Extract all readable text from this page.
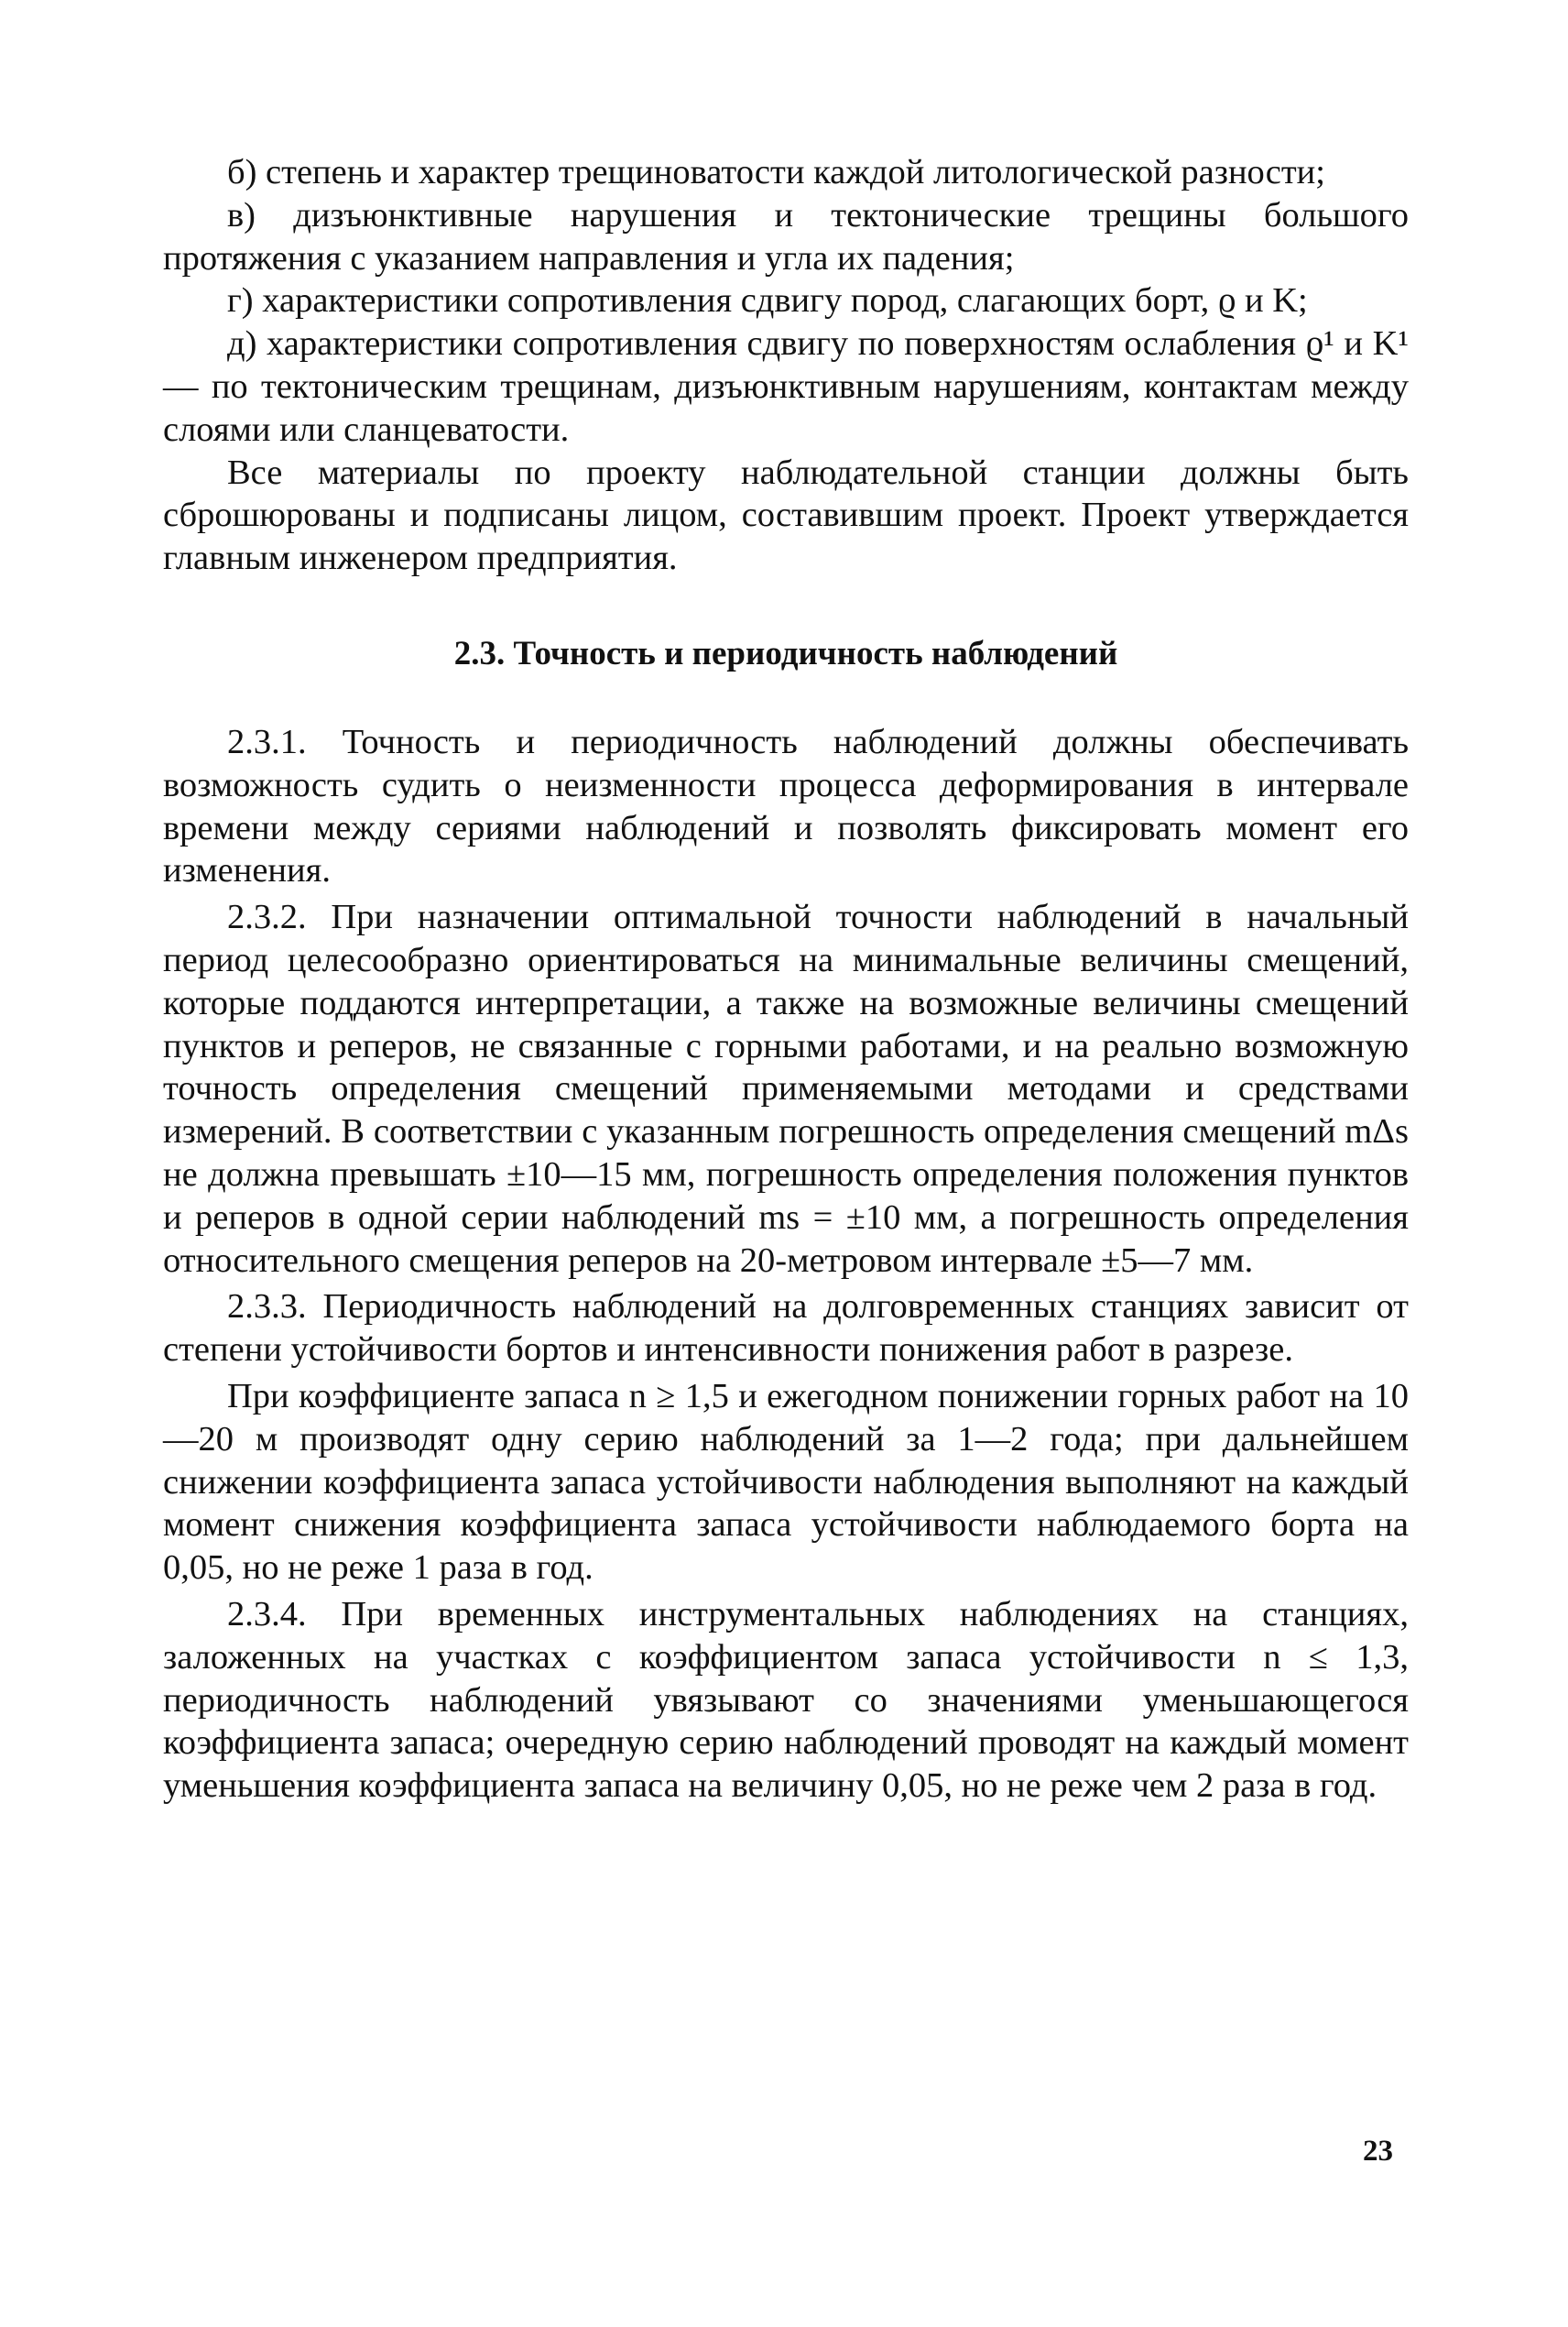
б) степень и характер трещиноватости каждой литологической разности;

в) дизъюнктивные нарушения и тектонические трещины большого протяжения с указанием направления и угла их падения;

г) характеристики сопротивления сдвигу пород, слагающих борт, ϱ и K;

д) характеристики сопротивления сдвигу по поверхностям ослабления ϱ¹ и K¹ — по тектоническим трещинам, дизъюнктивным нарушениям, контактам между слоями или сланцеватости.

Все материалы по проекту наблюдательной станции должны быть сброшюрованы и подписаны лицом, составившим проект. Проект утверждается главным инженером предприятия.

2.3. Точность и периодичность наблюдений

2.3.1. Точность и периодичность наблюдений должны обеспечивать возможность судить о неизменности процесса деформирования в интервале времени между сериями наблюдений и позволять фиксировать момент его изменения.

2.3.2. При назначении оптимальной точности наблюдений в начальный период целесообразно ориентироваться на минимальные величины смещений, которые поддаются интерпретации, а также на возможные величины смещений пунктов и реперов, не связанные с горными работами, и на реально возможную точность определения смещений применяемыми методами и средствами измерений. В соответствии с указанным погрешность определения смещений mΔs не должна превышать ±10—15 мм, погрешность определения положения пунктов и реперов в одной серии наблюдений ms = ±10 мм, а погрешность определения относительного смещения реперов на 20-метровом интервале ±5—7 мм.

2.3.3. Периодичность наблюдений на долговременных станциях зависит от степени устойчивости бортов и интенсивности понижения работ в разрезе.

При коэффициенте запаса n ≥ 1,5 и ежегодном понижении горных работ на 10—20 м производят одну серию наблюдений за 1—2 года; при дальнейшем снижении коэффициента запаса устойчивости наблюдения выполняют на каждый момент снижения коэффициента запаса устойчивости наблюдаемого борта на 0,05, но не реже 1 раза в год.

2.3.4. При временных инструментальных наблюдениях на станциях, заложенных на участках с коэффициентом запаса устойчивости n ≤ 1,3, периодичность наблюдений увязывают со значениями уменьшающегося коэффициента запаса; очередную серию наблюдений проводят на каждый момент уменьшения коэффициента запаса на величину 0,05, но не реже чем 2 раза в год.

23
